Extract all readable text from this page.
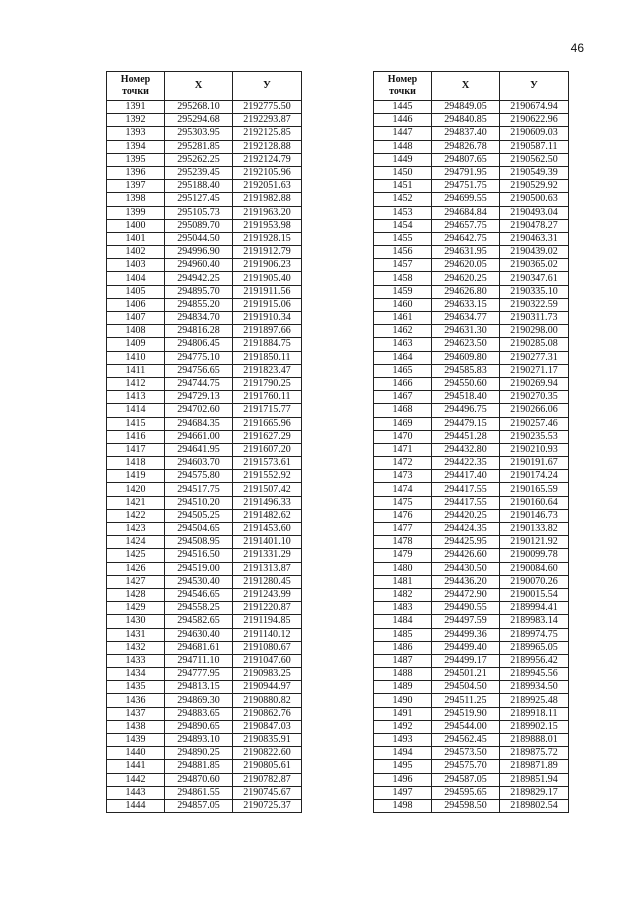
46
Номер
точки	X	У
1391	295268.10	2192775.50
1392	295294.68	2192293.87
1393	295303.95	2192125.85
1394	295281.85	2192128.88
1395	295262.25	2192124.79
1396	295239.45	2192105.96
1397	295188.40	2192051.63
1398	295127.45	2191982.88
1399	295105.73	2191963.20
1400	295089.70	2191953.98
1401	295044.50	2191928.15
1402	294996.90	2191912.79
1403	294960.40	2191906.23
1404	294942.25	2191905.40
1405	294895.70	2191911.56
1406	294855.20	2191915.06
1407	294834.70	2191910.34
1408	294816.28	2191897.66
1409	294806.45	2191884.75
1410	294775.10	2191850.11
1411	294756.65	2191823.47
1412	294744.75	2191790.25
1413	294729.13	2191760.11
1414	294702.60	2191715.77
1415	294684.35	2191665.96
1416	294661.00	2191627.29
1417	294641.95	2191607.20
1418	294603.70	2191573.61
1419	294575.80	2191552.92
1420	294517.75	2191507.42
1421	294510.20	2191496.33
1422	294505.25	2191482.62
1423	294504.65	2191453.60
1424	294508.95	2191401.10
1425	294516.50	2191331.29
1426	294519.00	2191313.87
1427	294530.40	2191280.45
1428	294546.65	2191243.99
1429	294558.25	2191220.87
1430	294582.65	2191194.85
1431	294630.40	2191140.12
1432	294681.61	2191080.67
1433	294711.10	2191047.60
1434	294777.95	2190983.25
1435	294813.15	2190944.97
1436	294869.30	2190880.82
1437	294883.65	2190862.76
1438	294890.65	2190847.03
1439	294893.10	2190835.91
1440	294890.25	2190822.60
1441	294881.85	2190805.61
1442	294870.60	2190782.87
1443	294861.55	2190745.67
1444	294857.05	2190725.37
Номер
точки	X	У
1445	294849.05	2190674.94
1446	294840.85	2190622.96
1447	294837.40	2190609.03
1448	294826.78	2190587.11
1449	294807.65	2190562.50
1450	294791.95	2190549.39
1451	294751.75	2190529.92
1452	294699.55	2190500.63
1453	294684.84	2190493.04
1454	294657.75	2190478.27
1455	294642.75	2190463.31
1456	294631.95	2190439.02
1457	294620.05	2190365.02
1458	294620.25	2190347.61
1459	294626.80	2190335.10
1460	294633.15	2190322.59
1461	294634.77	2190311.73
1462	294631.30	2190298.00
1463	294623.50	2190285.08
1464	294609.80	2190277.31
1465	294585.83	2190271.17
1466	294550.60	2190269.94
1467	294518.40	2190270.35
1468	294496.75	2190266.06
1469	294479.15	2190257.46
1470	294451.28	2190235.53
1471	294432.80	2190210.93
1472	294422.35	2190191.67
1473	294417.40	2190174.24
1474	294417.55	2190165.59
1475	294417.55	2190160.64
1476	294420.25	2190146.73
1477	294424.35	2190133.82
1478	294425.95	2190121.92
1479	294426.60	2190099.78
1480	294430.50	2190084.60
1481	294436.20	2190070.26
1482	294472.90	2190015.54
1483	294490.55	2189994.41
1484	294497.59	2189983.14
1485	294499.36	2189974.75
1486	294499.40	2189965.05
1487	294499.17	2189956.42
1488	294501.21	2189945.56
1489	294504.50	2189934.50
1490	294511.25	2189925.48
1491	294519.90	2189918.11
1492	294544.00	2189902.15
1493	294562.45	2189888.01
1494	294573.50	2189875.72
1495	294575.70	2189871.89
1496	294587.05	2189851.94
1497	294595.65	2189829.17
1498	294598.50	2189802.54
